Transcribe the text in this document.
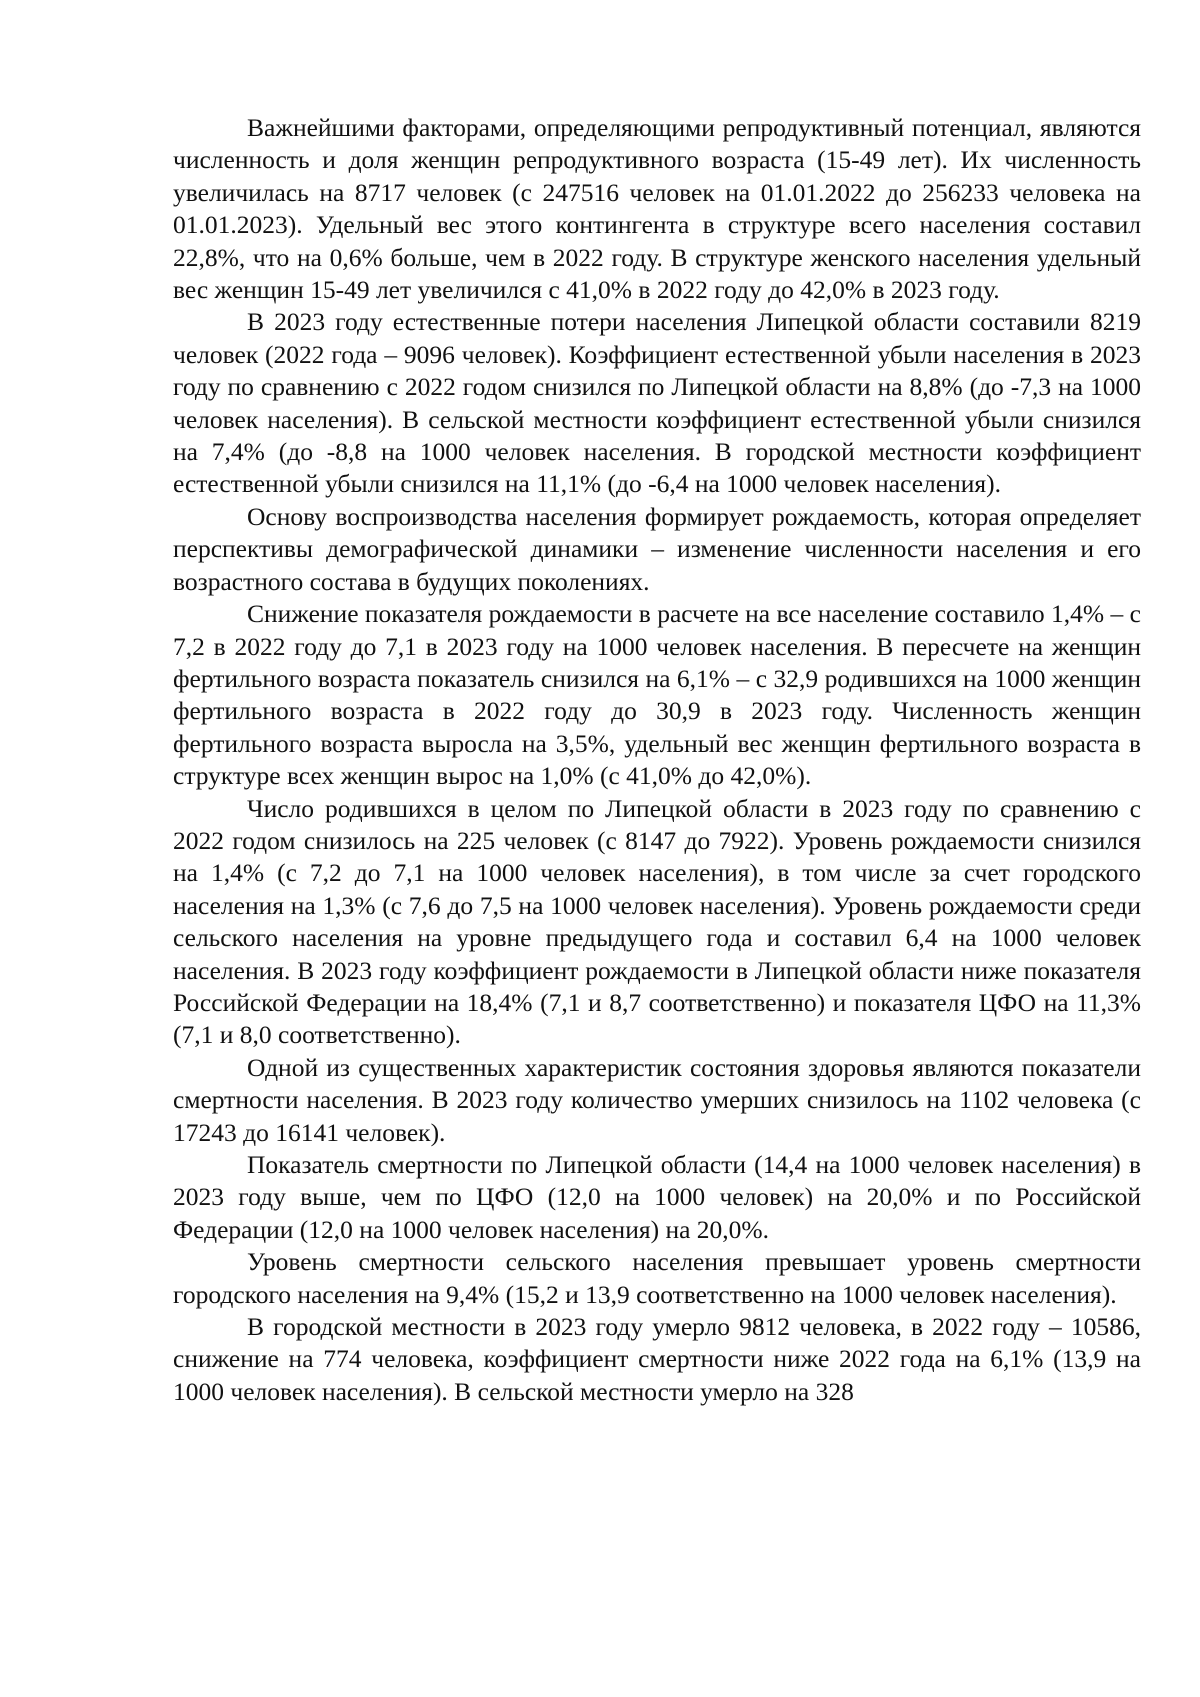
Важнейшими факторами, определяющими репродуктивный потенциал, являются численность и доля женщин репродуктивного возраста (15-49 лет). Их численность увеличилась на 8717 человек (с 247516 человек на 01.01.2022 до 256233 человека на 01.01.2023). Удельный вес этого контингента в структуре всего населения составил 22,8%, что на 0,6% больше, чем в 2022 году. В структуре женского населения удельный вес женщин 15-49 лет увеличился с 41,0% в 2022 году до 42,0% в 2023 году.

В 2023 году естественные потери населения Липецкой области составили 8219 человек (2022 года – 9096 человек). Коэффициент естественной убыли населения в 2023 году по сравнению с 2022 годом снизился по Липецкой области на 8,8% (до -7,3 на 1000 человек населения). В сельской местности коэффициент естественной убыли снизился на 7,4% (до -8,8 на 1000 человек населения. В городской местности коэффициент естественной убыли снизился на 11,1% (до -6,4 на 1000 человек населения).

Основу воспроизводства населения формирует рождаемость, которая определяет перспективы демографической динамики – изменение численности населения и его возрастного состава в будущих поколениях.

Снижение показателя рождаемости в расчете на все население составило 1,4% – с 7,2 в 2022 году до 7,1 в 2023 году на 1000 человек населения. В пересчете на женщин фертильного возраста показатель снизился на 6,1% – с 32,9 родившихся на 1000 женщин фертильного возраста в 2022 году до 30,9 в 2023 году. Численность женщин фертильного возраста выросла на 3,5%, удельный вес женщин фертильного возраста в структуре всех женщин вырос на 1,0% (с 41,0% до 42,0%).

Число родившихся в целом по Липецкой области в 2023 году по сравнению с 2022 годом снизилось на 225 человек (с 8147 до 7922). Уровень рождаемости снизился на 1,4% (с 7,2 до 7,1 на 1000 человек населения), в том числе за счет городского населения на 1,3% (с 7,6 до 7,5 на 1000 человек населения). Уровень рождаемости среди сельского населения на уровне предыдущего года и составил 6,4 на 1000 человек населения. В 2023 году коэффициент рождаемости в Липецкой области ниже показателя Российской Федерации на 18,4% (7,1 и 8,7 соответственно) и показателя ЦФО на 11,3% (7,1 и 8,0 соответственно).

Одной из существенных характеристик состояния здоровья являются показатели смертности населения. В 2023 году количество умерших снизилось на 1102 человека (с 17243 до 16141 человек).

Показатель смертности по Липецкой области (14,4 на 1000 человек населения) в 2023 году выше, чем по ЦФО (12,0 на 1000 человек) на 20,0% и по Российской Федерации (12,0 на 1000 человек населения) на 20,0%.

Уровень смертности сельского населения превышает уровень смертности городского населения на 9,4% (15,2 и 13,9 соответственно на 1000 человек населения).

В городской местности в 2023 году умерло 9812 человека, в 2022 году – 10586, снижение на 774 человека, коэффициент смертности ниже 2022 года на 6,1% (13,9 на 1000 человек населения). В сельской местности умерло на 328
